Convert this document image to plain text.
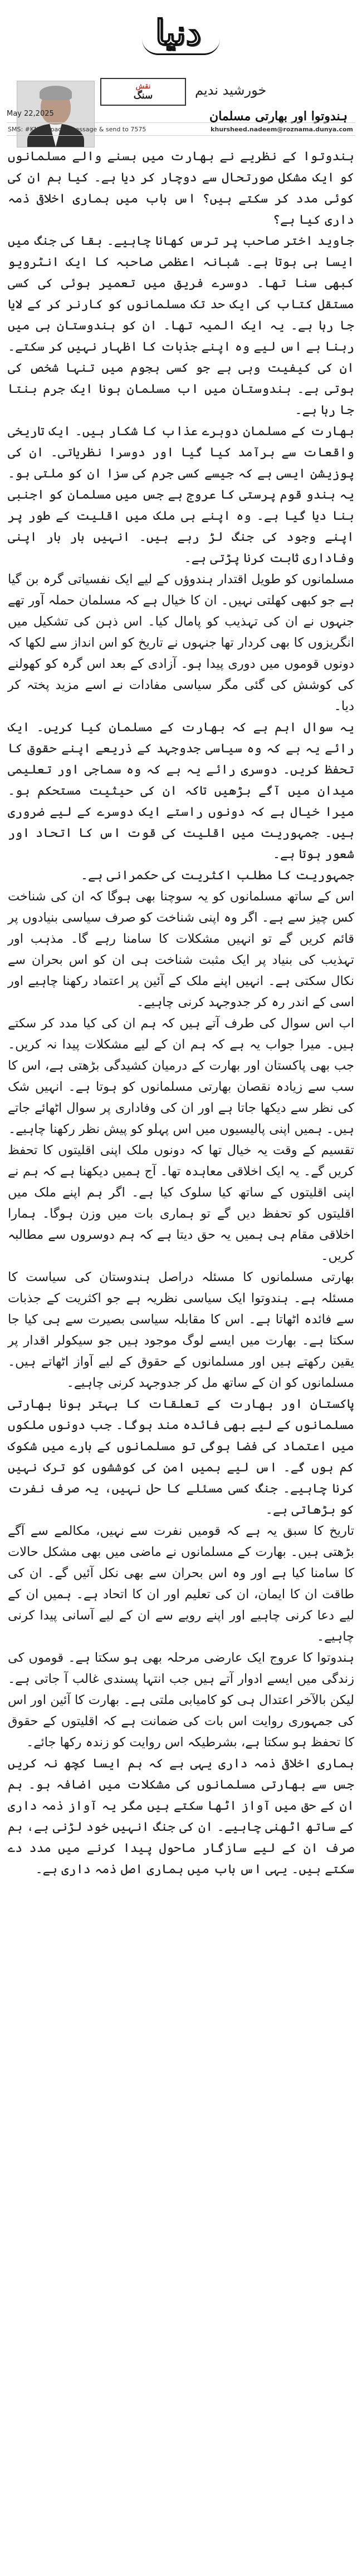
دنیا
نقش
سنگ	خورشید ندیم
ہندوتوا اور بھارتی مسلمان
May 22,2025
SMS: #KNC (space) message & send to 7575	khursheed.nadeem@roznama.dunya.com

ہندوتوا کے نظریے نے بھارت میں بسنے والے مسلمانوں کو ایک مشکل صورتحال سے دوچار کر دیا ہے۔ کیا ہم ان کی کوئی مدد کر سکتے ہیں؟ اس باب میں ہماری اخلاقی ذمہ داری کیا ہے؟

جاوید اختر صاحب پر ترس کھانا چاہیے۔ بقا کی جنگ میں ایسا ہی ہوتا ہے۔ شبانہ اعظمی صاحبہ کا ایک انٹرویو کبھی سنا تھا۔ دوسرے فریق میں تعمیر ہوئی کی کسی مستقل کتاب کی ایک حد تک مسلمانوں کو کارنر کر کے لایا جا رہا ہے۔ یہ ایک المیہ تھا۔ ان کو ہندوستان ہی میں رہنا ہے اس لیے وہ اپنے جذبات کا اظہار نہیں کر سکتے۔ ان کی کیفیت وہی ہے جو کسی ہجوم میں تنہا شخص کی ہوتی ہے۔ ہندوستان میں اب مسلمان ہونا ایک جرم بنتا جا رہا ہے۔

بھارت کے مسلمان دوہرے عذاب کا شکار ہیں۔ ایک تاریخی واقعات سے برآمد کیا گیا اور دوسرا نظریاتی۔ ان کی پوزیشن ایسی ہے کہ جیسے کسی جرم کی سزا ان کو ملتی ہو۔ یہ ہندو قوم پرستی کا عروج ہے جس میں مسلمان کو اجنبی بنا دیا گیا ہے۔ وہ اپنے ہی ملک میں اقلیت کے طور پر اپنے وجود کی جنگ لڑ رہے ہیں۔ انہیں بار بار اپنی وفاداری ثابت کرنا پڑتی ہے۔

مسلمانوں کو طویل اقتدار ہندوؤں کے لیے ایک نفسیاتی گرہ بن گیا ہے جو کبھی کھلتی نہیں۔ ان کا خیال ہے کہ مسلمان حملہ آور تھے جنہوں نے ان کی تہذیب کو پامال کیا۔ اس ذہن کی تشکیل میں انگریزوں کا بھی کردار تھا جنہوں نے تاریخ کو اس انداز سے لکھا کہ دونوں قوموں میں دوری پیدا ہو۔ آزادی کے بعد اس گرہ کو کھولنے کی کوشش کی گئی مگر سیاسی مفادات نے اسے مزید پختہ کر دیا۔

یہ سوال اہم ہے کہ بھارت کے مسلمان کیا کریں۔ ایک رائے یہ ہے کہ وہ سیاسی جدوجہد کے ذریعے اپنے حقوق کا تحفظ کریں۔ دوسری رائے یہ ہے کہ وہ سماجی اور تعلیمی میدان میں آگے بڑھیں تاکہ ان کی حیثیت مستحکم ہو۔ میرا خیال ہے کہ دونوں راستے ایک دوسرے کے لیے ضروری ہیں۔ جمہوریت میں اقلیت کی قوت اس کا اتحاد اور شعور ہوتا ہے۔

جمہوریت کا مطلب اکثریت کی حکمرانی ہے۔

اس کے ساتھ مسلمانوں کو یہ سوچنا بھی ہوگا کہ ان کی شناخت کس چیز سے ہے۔ اگر وہ اپنی شناخت کو صرف سیاسی بنیادوں پر قائم کریں گے تو انہیں مشکلات کا سامنا رہے گا۔ مذہب اور تہذیب کی بنیاد پر ایک مثبت شناخت ہی ان کو اس بحران سے نکال سکتی ہے۔ انہیں اپنے ملک کے آئین پر اعتماد رکھنا چاہیے اور اسی کے اندر رہ کر جدوجہد کرنی چاہیے۔

اب اس سوال کی طرف آتے ہیں کہ ہم ان کی کیا مدد کر سکتے ہیں۔ میرا جواب یہ ہے کہ ہم ان کے لیے مشکلات پیدا نہ کریں۔ جب بھی پاکستان اور بھارت کے درمیان کشیدگی بڑھتی ہے، اس کا سب سے زیادہ نقصان بھارتی مسلمانوں کو ہوتا ہے۔ انہیں شک کی نظر سے دیکھا جاتا ہے اور ان کی وفاداری پر سوال اٹھائے جاتے ہیں۔ ہمیں اپنی پالیسیوں میں اس پہلو کو پیش نظر رکھنا چاہیے۔

تقسیم کے وقت یہ خیال تھا کہ دونوں ملک اپنی اقلیتوں کا تحفظ کریں گے۔ یہ ایک اخلاقی معاہدہ تھا۔ آج ہمیں دیکھنا ہے کہ ہم نے اپنی اقلیتوں کے ساتھ کیا سلوک کیا ہے۔ اگر ہم اپنے ملک میں اقلیتوں کو تحفظ دیں گے تو ہماری بات میں وزن ہوگا۔ ہمارا اخلاقی مقام ہی ہمیں یہ حق دیتا ہے کہ ہم دوسروں سے مطالبہ کریں۔

بھارتی مسلمانوں کا مسئلہ دراصل ہندوستان کی سیاست کا مسئلہ ہے۔ ہندوتوا ایک سیاسی نظریہ ہے جو اکثریت کے جذبات سے فائدہ اٹھاتا ہے۔ اس کا مقابلہ سیاسی بصیرت سے ہی کیا جا سکتا ہے۔ بھارت میں ایسے لوگ موجود ہیں جو سیکولر اقدار پر یقین رکھتے ہیں اور مسلمانوں کے حقوق کے لیے آواز اٹھاتے ہیں۔ مسلمانوں کو ان کے ساتھ مل کر جدوجہد کرنی چاہیے۔

پاکستان اور بھارت کے تعلقات کا بہتر ہونا بھارتی مسلمانوں کے لیے بھی فائدہ مند ہوگا۔ جب دونوں ملکوں میں اعتماد کی فضا ہوگی تو مسلمانوں کے بارے میں شکوک کم ہوں گے۔ اس لیے ہمیں امن کی کوششوں کو ترک نہیں کرنا چاہیے۔ جنگ کسی مسئلے کا حل نہیں، یہ صرف نفرت کو بڑھاتی ہے۔

تاریخ کا سبق یہ ہے کہ قومیں نفرت سے نہیں، مکالمے سے آگے بڑھتی ہیں۔ بھارت کے مسلمانوں نے ماضی میں بھی مشکل حالات کا سامنا کیا ہے اور وہ اس بحران سے بھی نکل آئیں گے۔ ان کی طاقت ان کا ایمان، ان کی تعلیم اور ان کا اتحاد ہے۔ ہمیں ان کے لیے دعا کرنی چاہیے اور اپنے رویے سے ان کے لیے آسانی پیدا کرنی چاہیے۔

ہندوتوا کا عروج ایک عارضی مرحلہ بھی ہو سکتا ہے۔ قوموں کی زندگی میں ایسے ادوار آتے ہیں جب انتہا پسندی غالب آ جاتی ہے۔ لیکن بالآخر اعتدال ہی کو کامیابی ملتی ہے۔ بھارت کا آئین اور اس کی جمہوری روایت اس بات کی ضمانت ہے کہ اقلیتوں کے حقوق کا تحفظ ہو سکتا ہے، بشرطیکہ اس روایت کو زندہ رکھا جائے۔

ہماری اخلاقی ذمہ داری یہی ہے کہ ہم ایسا کچھ نہ کریں جس سے بھارتی مسلمانوں کی مشکلات میں اضافہ ہو۔ ہم ان کے حق میں آواز اٹھا سکتے ہیں مگر یہ آواز ذمہ داری کے ساتھ اٹھنی چاہیے۔ ان کی جنگ انہیں خود لڑنی ہے، ہم صرف ان کے لیے سازگار ماحول پیدا کرنے میں مدد دے سکتے ہیں۔ یہی اس باب میں ہماری اصل ذمہ داری ہے۔
